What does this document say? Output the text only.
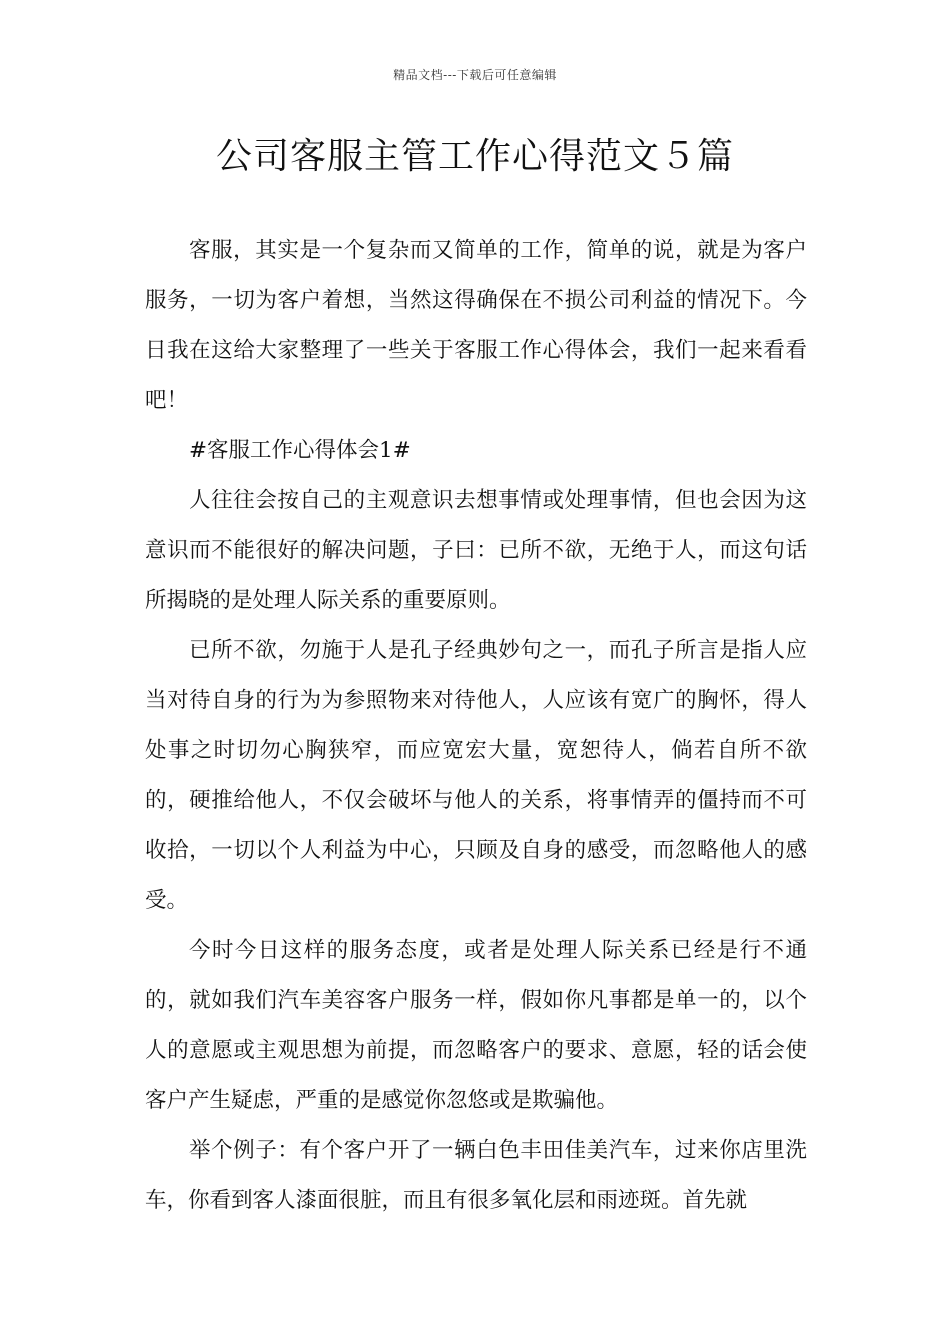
精品文档---下载后可任意编辑
公司客服主管工作心得范文５篇

客服，其实是一个复杂而又简单的工作，简单的说，就是为客户服务，一切为客户着想，当然这得确保在不损公司利益的情况下。今日我在这给大家整理了一些关于客服工作心得体会，我们一起来看看吧！

#客服工作心得体会1#

人往往会按自己的主观意识去想事情或处理事情，但也会因为这意识而不能很好的解决问题，子曰：已所不欲，无绝于人，而这句话所揭晓的是处理人际关系的重要原则。

已所不欲，勿施于人是孔子经典妙句之一，而孔子所言是指人应当对待自身的行为为参照物来对待他人，人应该有宽广的胸怀，得人处事之时切勿心胸狭窄，而应宽宏大量，宽恕待人，倘若自所不欲的，硬推给他人，不仅会破坏与他人的关系，将事情弄的僵持而不可收拾，一切以个人利益为中心，只顾及自身的感受，而忽略他人的感受。

今时今日这样的服务态度，或者是处理人际关系已经是行不通的，就如我们汽车美容客户服务一样，假如你凡事都是单一的，以个人的意愿或主观思想为前提，而忽略客户的要求、意愿，轻的话会使客户产生疑虑，严重的是感觉你忽悠或是欺骗他。

举个例子：有个客户开了一辆白色丰田佳美汽车，过来你店里洗车，你看到客人漆面很脏，而且有很多氧化层和雨迹斑。首先就
